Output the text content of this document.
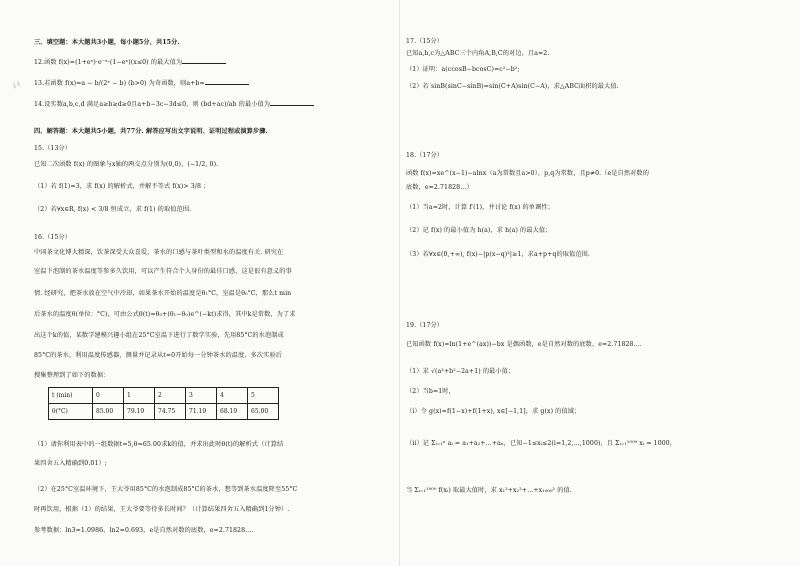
“
三、填空题：本大题共3小题，每小题5分，共15分.
12.函数 f(x)=(1+eˣ)·e⁻ˣ·(1−eˣ)(x≤0) 的最大值为
13.若函数 f(x)=a − b/(2ˣ − b) (b>0) 为奇函数，则a+b=
14.设实数a,b,c,d 满足a≥b≥d≥0且a+b−3c−3d≤0，则 (bd+ac)/ab 的最小值为
四、解答题：本大题共5小题，共77分. 解答应写出文字说明、证明过程或演算步骤.
15.（13分）
已知二次函数 f(x) 的图象与x轴的两交点分别为(0,0)，(−1/2, 0).
（1）若 f(1)=3，求 f(x) 的解析式，并解不等式 f(x)> 3/8 ；
（2）若∀x∈R, f(x) < 3/8 恒成立，求 f(1) 的取值范围.
16.（15分）
中国茶文化博大精深，饮茶深受大众喜爱，茶水的口感与茶叶类型和水的温度有关. 研究在
室温下泡制的茶水温度等参多久饮用，可以产生符合个人身份的最佳口感，这是很有意义的事
情. 经研究，把茶水放在空气中冷却，如果茶水开始的温度是θ₁°C，室温是θ₀°C，那么t min
后茶水的温度θ(单位：°C)，可由公式θ(t)=θ₀+(θ₁−θ₀)e^(−kt)求得，其中k是常数，为了求
出这个k的值，某数学建模兴趣小组在25°C室温下进行了数学实验，先用85°C的水泡制成
85°C的茶水，利用温度传感器，测量并记录从t=0开始每一分钟茶水的温度，多次实验后
搜集整理到了如下的数据：
t (min)	0	1	2	3	4	5
θ(°C)	85.00	79.19	74.75	71.19	68.19	65.00
（1）请你利用表中的一组数据t=5,θ=65.00求k的值，并求出此时θ(t)的解析式（计算结
果四舍五入精确到0.01）;
（2）在25°C室温环境下，王大爷用85°C的水泡制成85°C的茶水，想等到茶水温度降至55°C
时再饮用，根据（1）的结果，王大爷要等待多长时间？（计算结果四舍五入精确到1分钟）.
参考数据：ln3≈1.0986，ln2≈0.693，e是自然对数的底数，e≈2.71828….
17.（15分）
已知a,b,c为△ABC三个内角A,B,C的对边，且a=2.
（1）证明：a(ccosB−bcosC)=c²−b²;
（2）若 sinB(sinC−sinB)=sin(C+A)sin(C−A)，求△ABC面积的最大值.
18.（17分）
函数 f(x)=xe^(x−1)−alnx（a为常数且a>0），p,q为常数，且p≠0.（e是自然对数的
底数，e≈2.71828…）
（1）当a=2时，计算 f′(1)，并讨论 f(x) 的单调性；
（2）记 f(x) 的最小值为 h(a)，求 h(a) 的最大值；
（3）若∀x∈(0,+∞), f(x)−|p(x−q)²|≥1，求a+p+q的取值范围.
19.（17分）
已知函数 f(x)=ln(1+e^(ax))−bx 是偶函数，e是自然对数的底数，e≈2.71828….
（1）求 √(a²+b²−2a+1) 的最小值；
（2）当b=1时，
（i）令 g(x)=f(1−x)+f(1+x), x∈[−1,1]，求 g(x) 的值域；
（ii）记 Σᵢ₌₁ⁿ aᵢ = a₁+a₂+…+aₙ，已知−1≤xᵢ≤2(i=1,2,…,1000)，且 Σᵢ₌₁¹⁰⁰⁰ xᵢ = 1000，
当 Σᵢ₌₁¹⁰⁰⁰ f(xᵢ) 取最大值时，求 x₁²+x₂²+…+x₁₀₀₀² 的值.
